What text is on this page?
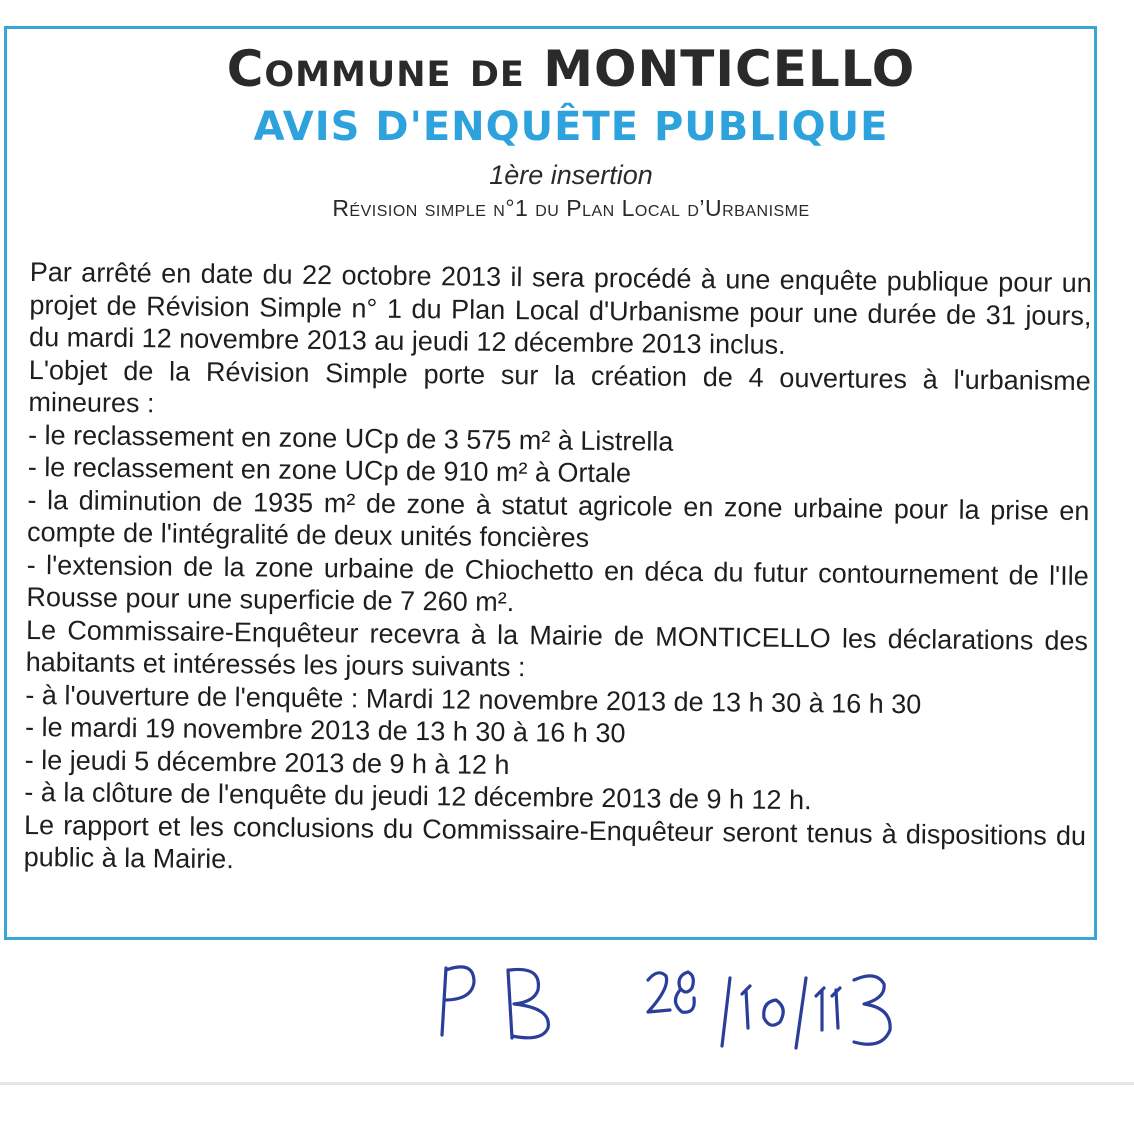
Commune de MONTICELLO
AVIS D'ENQUÊTE PUBLIQUE
1ère insertion
Révision simple n°1 du Plan Local d’Urbanisme

Par arrêté en date du 22 octobre 2013 il sera procédé à une enquête publique pour un projet de Révision Simple n° 1 du Plan Local d'Urbanisme pour une durée de 31 jours, du mardi 12 novembre 2013 au jeudi 12 décembre 2013 inclus.

L'objet de la Révision Simple porte sur la création de 4 ouvertures à l'urbanisme mineures :

- le reclassement en zone UCp de 3 575 m² à Listrella

- le reclassement en zone UCp de 910 m² à Ortale

- la diminution de 1935 m² de zone à statut agricole en zone urbaine pour la prise en compte de l'intégralité de deux unités foncières

- l'extension de la zone urbaine de Chiochetto en déca du futur contournement de l'Ile Rousse pour une superficie de 7 260 m².

Le Commissaire-Enquêteur recevra à la Mairie de MONTICELLO les déclarations des habitants et intéressés les jours suivants :

- à l'ouverture de l'enquête : Mardi 12 novembre 2013 de 13 h 30 à 16 h 30

- le mardi 19 novembre 2013 de 13 h 30 à 16 h 30

- le jeudi 5 décembre 2013 de 9 h à 12 h

- à la clôture de l'enquête du jeudi 12 décembre 2013 de 9 h 12 h.

Le rapport et les conclusions du Commissaire-Enquêteur seront tenus à dispositions du public à la Mairie.
